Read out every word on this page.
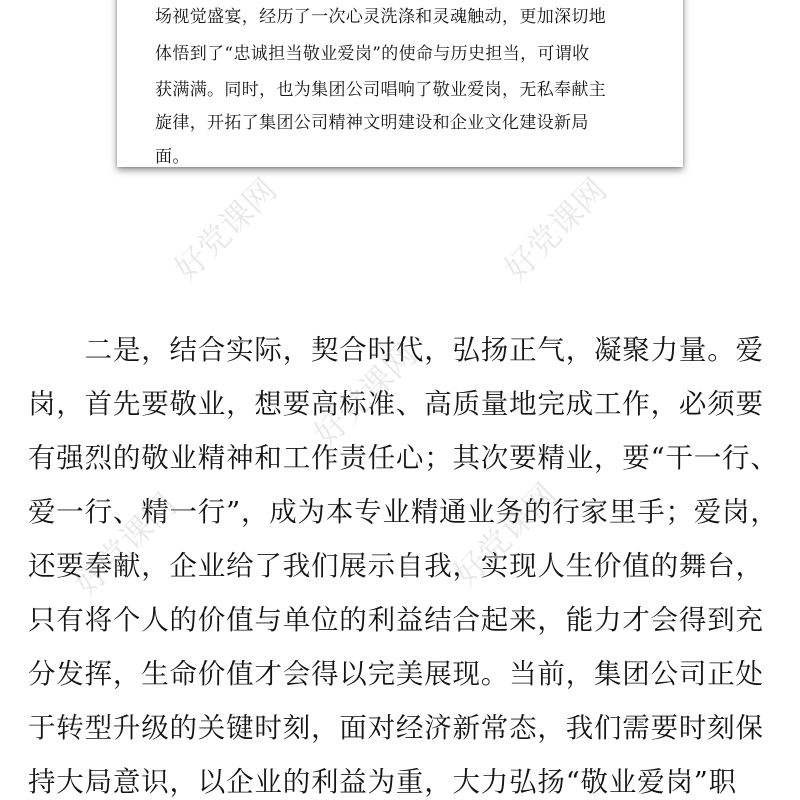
场视觉盛宴，经历了一次心灵洗涤和灵魂触动，更加深切地
体悟到了“忠诚担当敬业爱岗”的使命与历史担当，可谓收
获满满。同时，也为集团公司唱响了敬业爱岗，无私奉献主
旋律，开拓了集团公司精神文明建设和企业文化建设新局
面。
　　二是，结合实际，契合时代，弘扬正气，凝聚力量。爱
岗，首先要敬业，想要高标准、高质量地完成工作，必须要
有强烈的敬业精神和工作责任心；其次要精业，要“干一行、
爱一行、精一行”，成为本专业精通业务的行家里手；爱岗，
还要奉献，企业给了我们展示自我，实现人生价值的舞台，
只有将个人的价值与单位的利益结合起来，能力才会得到充
分发挥，生命价值才会得以完美展现。当前，集团公司正处
于转型升级的关键时刻，面对经济新常态，我们需要时刻保
持大局意识，以企业的利益为重，大力弘扬“敬业爱岗”职
好党课网	好党课网
好党课网
好党课网	好党课网
